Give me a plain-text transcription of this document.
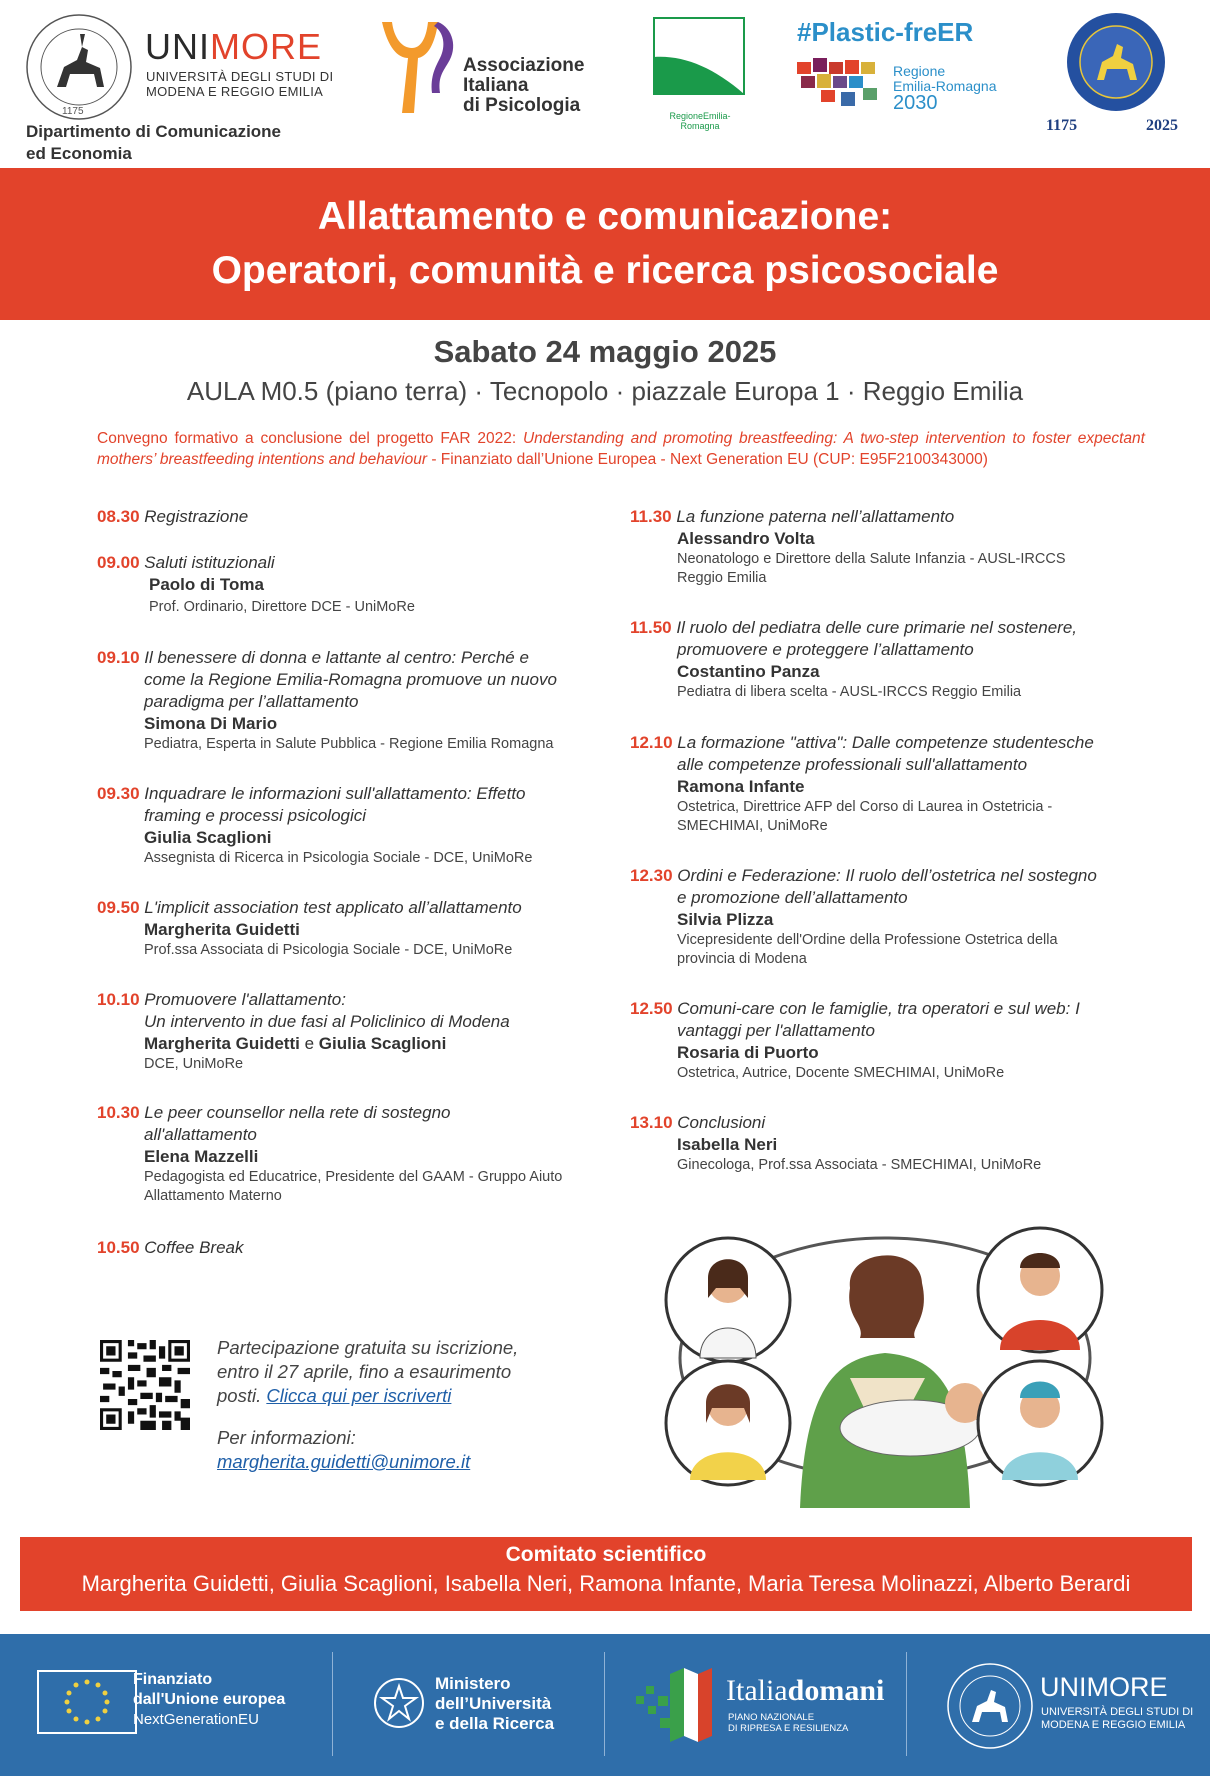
1175
UNIMORE
UNIVERSITÀ DEGLI STUDI DI
MODENA E REGGIO EMILIA
Dipartimento di Comunicazione
ed Economia
Associazione
Italiana
di Psicologia	RegioneEmilia-Romagna
#Plastic-freER
Regione
Emilia-Romagna
2030
1175	2025
Allattamento e comunicazione:
Operatori, comunità e ricerca psicosociale
Sabato 24 maggio 2025
AULA M0.5 (piano terra) · Tecnopolo · piazzale Europa 1 · Reggio Emilia
Convegno formativo a conclusione del progetto FAR 2022: Understanding and promoting breastfeeding: A two-step intervention to foster expectant mothers’ breastfeeding intentions and behaviour - Finanziato dall’Unione Europea - Next Generation EU (CUP: E95F2100343000)
08.30 Registrazione
09.00 Saluti istituzionali
Paolo di Toma
Prof. Ordinario, Direttore DCE - UniMoRe
09.10 Il benessere di donna e lattante al centro: Perché e
come la Regione Emilia-Romagna promuove un nuovo
paradigma per l’allattamento
Simona Di Mario
Pediatra, Esperta in Salute Pubblica - Regione Emilia Romagna
09.30 Inquadrare le informazioni sull'allattamento: Effetto
framing e processi psicologici
Giulia Scaglioni
Assegnista di Ricerca in Psicologia Sociale - DCE, UniMoRe
09.50 L'implicit association test applicato all’allattamento
Margherita Guidetti
Prof.ssa Associata di Psicologia Sociale - DCE, UniMoRe
10.10 Promuovere l'allattamento:
Un intervento in due fasi al Policlinico di Modena
Margherita Guidetti e Giulia Scaglioni
DCE, UniMoRe
10.30 Le peer counsellor nella rete di sostegno
all'allattamento
Elena Mazzelli
Pedagogista ed Educatrice, Presidente del GAAM - Gruppo Aiuto
Allattamento Materno
10.50 Coffee Break
11.30 La funzione paterna nell’allattamento
Alessandro Volta
Neonatologo e Direttore della Salute Infanzia - AUSL-IRCCS
Reggio Emilia
11.50 Il ruolo del pediatra delle cure primarie nel sostenere,
promuovere e proteggere l’allattamento
Costantino Panza
Pediatra di libera scelta - AUSL-IRCCS Reggio Emilia
12.10 La formazione "attiva": Dalle competenze studentesche
alle competenze professionali sull'allattamento
Ramona Infante
Ostetrica, Direttrice AFP del Corso di Laurea in Ostetricia -
SMECHIMAI, UniMoRe
12.30 Ordini e Federazione: Il ruolo dell’ostetrica nel sostegno
e promozione dell’allattamento
Silvia Plizza
Vicepresidente dell'Ordine della Professione Ostetrica della
provincia di Modena
12.50 Comuni-care con le famiglie, tra operatori e sul web: I
vantaggi per l'allattamento
Rosaria di Puorto
Ostetrica, Autrice, Docente SMECHIMAI, UniMoRe
13.10 Conclusioni
Isabella Neri
Ginecologa, Prof.ssa Associata - SMECHIMAI, UniMoRe
Partecipazione gratuita su iscrizione,
entro il 27 aprile, fino a esaurimento
posti. Clicca qui per iscriverti
Per informazioni:
margherita.guidetti@unimore.it
Comitato scientifico
Margherita Guidetti, Giulia Scaglioni, Isabella Neri, Ramona Infante, Maria Teresa Molinazzi, Alberto Berardi
Finanziato
dall'Unione europea
NextGenerationEU
Ministero
dell’Università
e della Ricerca
Italiadomani
PIANO NAZIONALE
DI RIPRESA E RESILIENZA
UNIMORE
UNIVERSITÀ DEGLI STUDI DI
MODENA E REGGIO EMILIA
